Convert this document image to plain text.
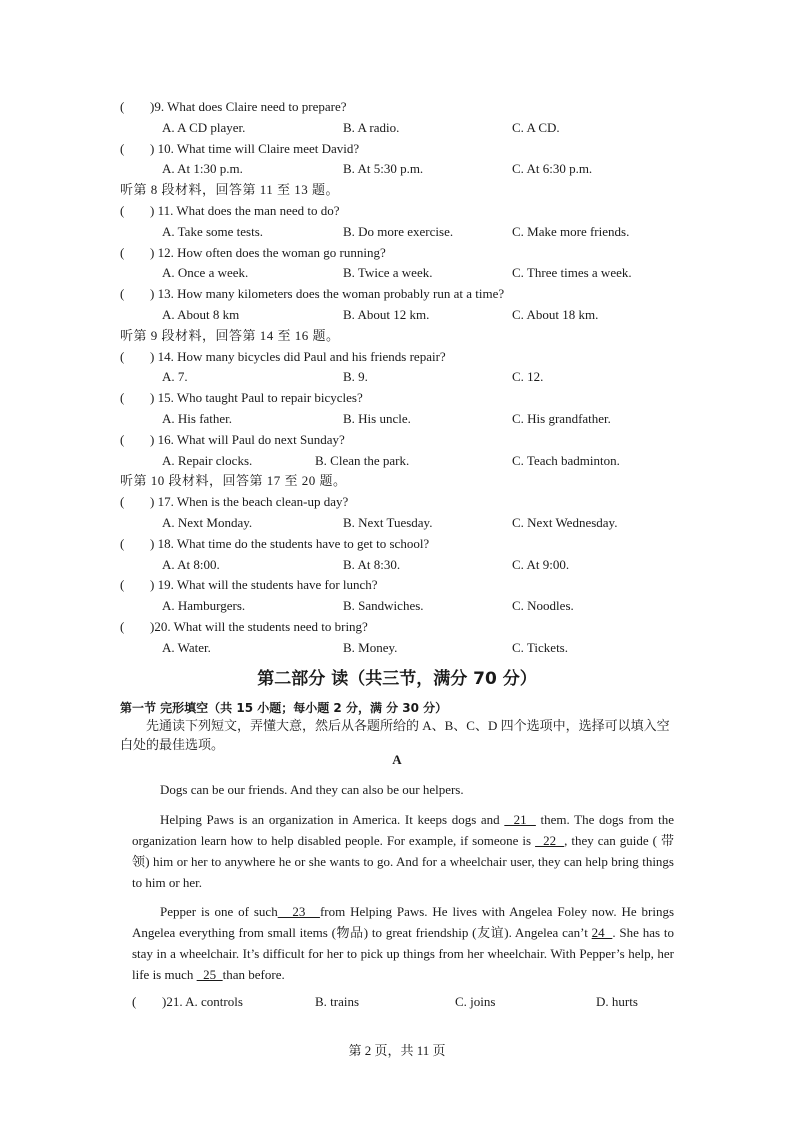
( )9. What does Claire need to prepare?
A. A CD player.	B. A radio.	C. A CD.
( ) 10. What time will Claire meet David?
A. At 1:30 p.m.	B. At 5:30 p.m.	C. At 6:30 p.m.
听第 8 段材料，回答第 11 至 13 题。
( ) 11. What does the man need to do?
A. Take some tests.	B. Do more exercise.	C. Make more friends.
( ) 12. How often does the woman go running?
A. Once a week.	B. Twice a week.	C. Three times a week.
( ) 13. How many kilometers does the woman probably run at a time?
A. About 8 km	B. About 12 km.	C. About 18 km.
听第 9 段材料，回答第 14 至 16 题。
( ) 14. How many bicycles did Paul and his friends repair?
A. 7.	B. 9.	C. 12.
( ) 15. Who taught Paul to repair bicycles?
A. His father.	B. His uncle.	C. His grandfather.
( ) 16. What will Paul do next Sunday?
A. Repair clocks.	B. Clean the park.	C. Teach badminton.
听第 10 段材料，回答第 17 至 20 题。
( ) 17. When is the beach clean-up day?
A. Next Monday.	B. Next Tuesday.	C. Next Wednesday.
( ) 18. What time do the students have to get to school?
A. At 8:00.	B. At 8:30.	C. At 9:00.
( ) 19. What will the students have for lunch?
A. Hamburgers.	B. Sandwiches.	C. Noodles.
( )20. What will the students need to bring?
A. Water.	B. Money.	C. Tickets.
第二部分 读（共三节，满分 70 分）
第一节 完形填空（共 15 小题；每小题 2 分，满 分 30 分）
先通读下列短文，弄懂大意，然后从各题所给的 A、B、C、D 四个选项中，选择可以填入空白处的最佳选项。
A
Dogs can be our friends. And they can also be our helpers.
Helping Paws is an organization in America. It keeps dogs and   21   them. The dogs from the organization learn how to help disabled people. For example, if someone is   22  , they can guide ( 带领) him or her to anywhere he or she wants to go. And for a wheelchair user, they can help bring things to him or her.
Pepper is one of such   23   from Helping Paws. He lives with Angelea Foley now. He brings Angelea everything from small items (物品) to great friendship (友谊). Angelea can’t 24  . She has to stay in a wheelchair. It’s difficult for her to pick up things from her wheelchair. With Pepper’s help, her life is much   25  than before.
( )21. A. controls	B. trains	C. joins	D. hurts
第 2 页，共 11 页
